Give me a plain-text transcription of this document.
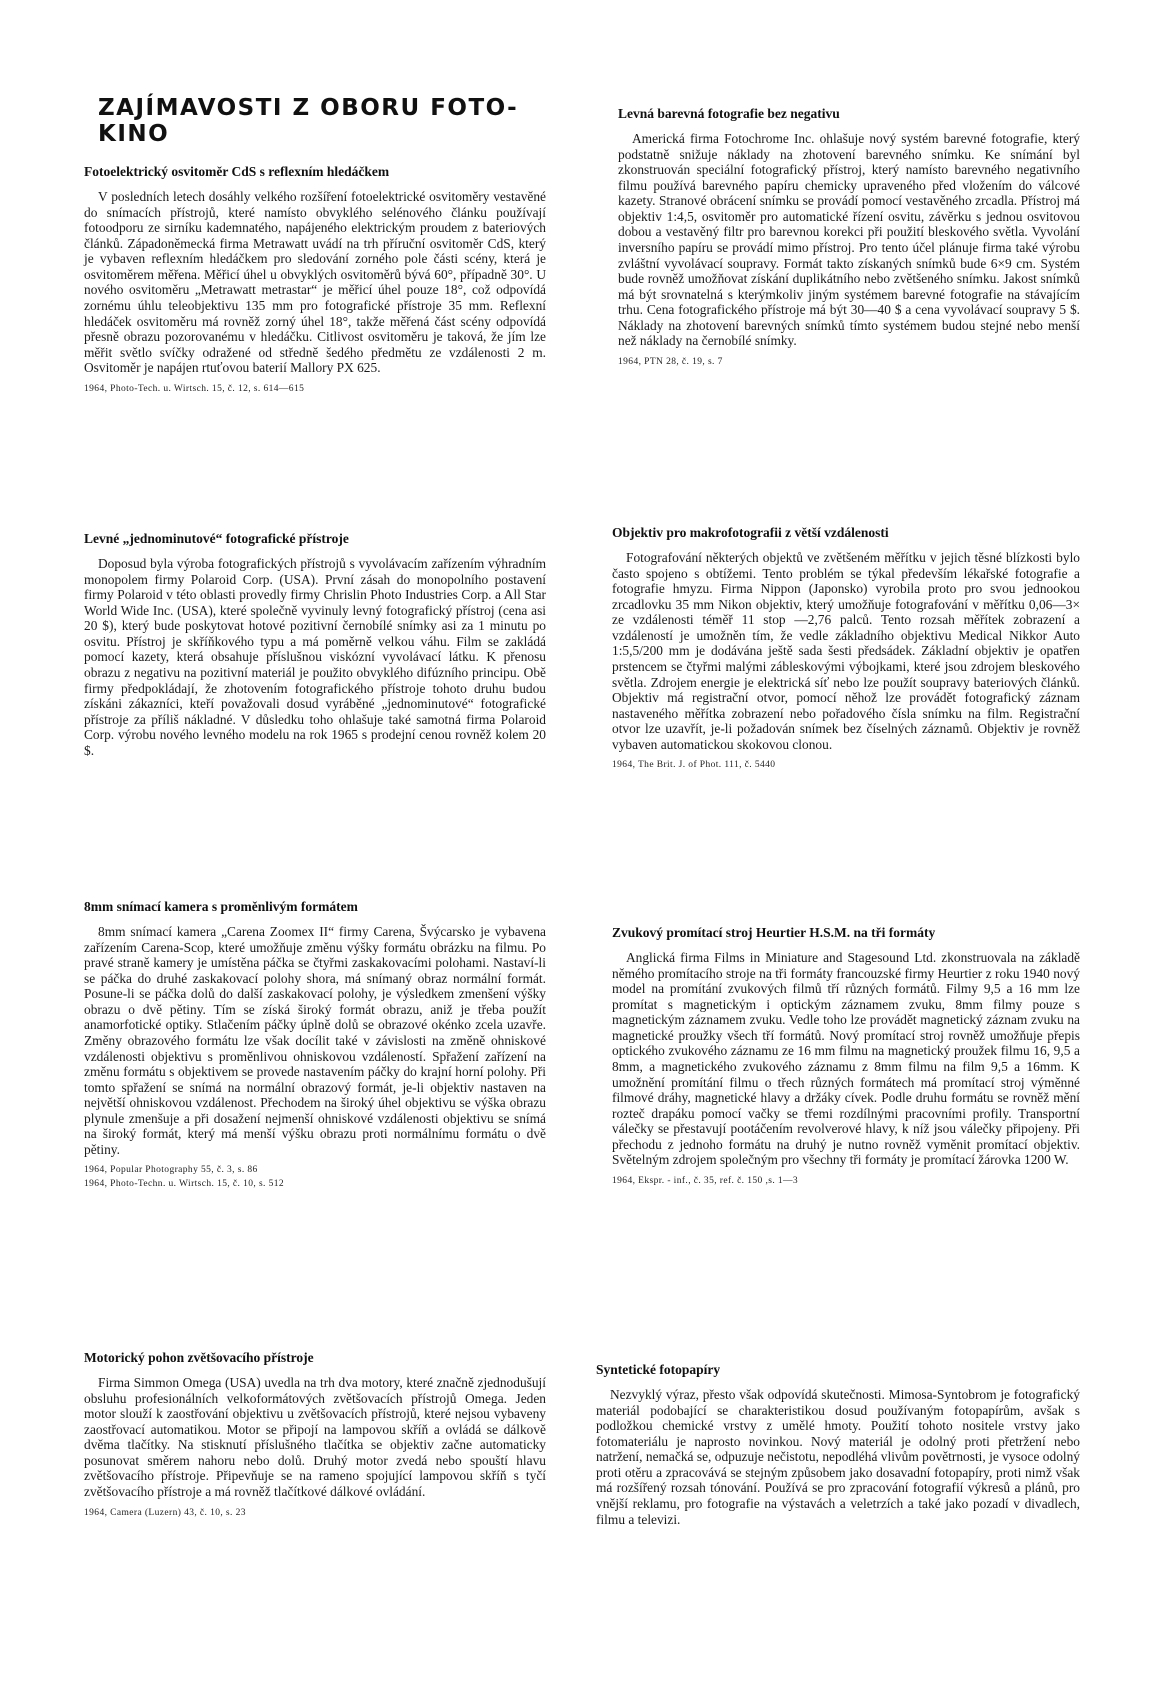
ZAJÍMAVOSTI Z OBORU FOTO-KINO
Fotoelektrický osvitoměr CdS s reflexním hledáčkem

V posledních letech dosáhly velkého rozšíření fotoelektrické osvitoměry vestavěné do snímacích přístrojů, které namísto obvyklého selénového článku používají fotoodporu ze sirníku kademnatého, napájeného elektrickým proudem z bateriových článků. Západoněmecká firma Metrawatt uvádí na trh příruční osvitoměr CdS, který je vybaven reflexním hledáčkem pro sledování zorného pole části scény, která je osvitoměrem měřena. Měřicí úhel u obvyklých osvitoměrů bývá 60°, případně 30°. U nového osvitoměru „Metrawatt metrastar“ je měřicí úhel pouze 18°, což odpovídá zornému úhlu teleobjektivu 135 mm pro fotografické přístroje 35 mm. Reflexní hledáček osvitoměru má rovněž zorný úhel 18°, takže měřená část scény odpovídá přesně obrazu pozorovanému v hledáčku. Citlivost osvitoměru je taková, že jím lze měřit světlo svíčky odražené od středně šedého předmětu ze vzdálenosti 2 m. Osvitoměr je napájen rtuťovou baterií Mallory PX 625.

1964, Photo-Tech. u. Wirtsch. 15, č. 12, s. 614—615

Levné „jednominutové“ fotografické přístroje

Doposud byla výroba fotografických přístrojů s vyvolávacím zařízením výhradním monopolem firmy Polaroid Corp. (USA). První zásah do monopolního postavení firmy Polaroid v této oblasti provedly firmy Chrislin Photo Industries Corp. a All Star World Wide Inc. (USA), které společně vyvinuly levný fotografický přístroj (cena asi 20 $), který bude poskytovat hotové pozitivní černobílé snímky asi za 1 minutu po osvitu. Přístroj je skříňkového typu a má poměrně velkou váhu. Film se zakládá pomocí kazety, která obsahuje příslušnou viskózní vyvolávací látku. K přenosu obrazu z negativu na pozitivní materiál je použito obvyklého difúzního principu. Obě firmy předpokládají, že zhotovením fotografického přístroje tohoto druhu budou získáni zákazníci, kteří považovali dosud vyráběné „jednominutové“ fotografické přístroje za příliš nákladné. V důsledku toho ohlašuje také samotná firma Polaroid Corp. výrobu nového levného modelu na rok 1965 s prodejní cenou rovněž kolem 20 $.

8mm snímací kamera s proměnlivým formátem

8mm snímací kamera „Carena Zoomex II“ firmy Carena, Švýcarsko je vybavena zařízením Carena-Scop, které umožňuje změnu výšky formátu obrázku na filmu. Po pravé straně kamery je umístěna páčka se čtyřmi zaskakovacími polohami. Nastaví-li se páčka do druhé zaskakovací polohy shora, má snímaný obraz normální formát. Posune-li se páčka dolů do další zaskakovací polohy, je výsledkem zmenšení výšky obrazu o dvě pětiny. Tím se získá široký formát obrazu, aniž je třeba použít anamorfotické optiky. Stlačením páčky úplně dolů se obrazové okénko zcela uzavře. Změny obrazového formátu lze však docílit také v závislosti na změně ohniskové vzdálenosti objektivu s proměnlivou ohniskovou vzdáleností. Spřažení zařízení na změnu formátu s objektivem se provede nastavením páčky do krajní horní polohy. Při tomto spřažení se snímá na normální obrazový formát, je-li objektiv nastaven na největší ohniskovou vzdálenost. Přechodem na široký úhel objektivu se výška obrazu plynule zmenšuje a při dosažení nejmenší ohniskové vzdálenosti objektivu se snímá na široký formát, který má menší výšku obrazu proti normálnímu formátu o dvě pětiny.

1964, Popular Photography 55, č. 3, s. 86

1964, Photo-Techn. u. Wirtsch. 15, č. 10, s. 512

Motorický pohon zvětšovacího přístroje

Firma Simmon Omega (USA) uvedla na trh dva motory, které značně zjednodušují obsluhu profesionálních velkoformátových zvětšovacích přístrojů Omega. Jeden motor slouží k zaostřování objektivu u zvětšovacích přístrojů, které nejsou vybaveny zaostřovací automatikou. Motor se připojí na lampovou skříň a ovládá se dálkově dvěma tlačítky. Na stisknutí příslušného tlačítka se objektiv začne automaticky posunovat směrem nahoru nebo dolů. Druhý motor zvedá nebo spouští hlavu zvětšovacího přístroje. Připevňuje se na rameno spojující lampovou skříň s tyčí zvětšovacího přístroje a má rovněž tlačítkové dálkové ovládání.

1964, Camera (Luzern) 43, č. 10, s. 23

Levná barevná fotografie bez negativu

Americká firma Fotochrome Inc. ohlašuje nový systém barevné fotografie, který podstatně snižuje náklady na zhotovení barevného snímku. Ke snímání byl zkonstruován speciální fotografický přístroj, který namísto barevného negativního filmu používá barevného papíru chemicky upraveného před vložením do válcové kazety. Stranové obrácení snímku se provádí pomocí vestavěného zrcadla. Přístroj má objektiv 1:4,5, osvitoměr pro automatické řízení osvitu, závěrku s jednou osvitovou dobou a vestavěný filtr pro barevnou korekci při použití bleskového světla. Vyvolání inversního papíru se provádí mimo přístroj. Pro tento účel plánuje firma také výrobu zvláštní vyvolávací soupravy. Formát takto získaných snímků bude 6×9 cm. Systém bude rovněž umožňovat získání duplikátního nebo zvětšeného snímku. Jakost snímků má být srovnatelná s kterýmkoliv jiným systémem barevné fotografie na stávajícím trhu. Cena fotografického přístroje má být 30—40 $ a cena vyvolávací soupravy 5 $. Náklady na zhotovení barevných snímků tímto systémem budou stejné nebo menší než náklady na černobílé snímky.

1964, PTN 28, č. 19, s. 7

Objektiv pro makrofotografii z větší vzdálenosti

Fotografování některých objektů ve zvětšeném měřítku v jejich těsné blízkosti bylo často spojeno s obtížemi. Tento problém se týkal především lékařské fotografie a fotografie hmyzu. Firma Nippon (Japonsko) vyrobila proto pro svou jednookou zrcadlovku 35 mm Nikon objektiv, který umožňuje fotografování v měřítku 0,06—3× ze vzdálenosti téměř 11 stop —2,76 palců. Tento rozsah měřítek zobrazení a vzdáleností je umožněn tím, že vedle základního objektivu Medical Nikkor Auto 1:5,5/200 mm je dodávána ještě sada šesti předsádek. Základní objektiv je opatřen prstencem se čtyřmi malými zábleskovými výbojkami, které jsou zdrojem bleskového světla. Zdrojem energie je elektrická síť nebo lze použít soupravy bateriových článků. Objektiv má registrační otvor, pomocí něhož lze provádět fotografický záznam nastaveného měřítka zobrazení nebo pořadového čísla snímku na film. Registrační otvor lze uzavřít, je-li požadován snímek bez číselných záznamů. Objektiv je rovněž vybaven automatickou skokovou clonou.

1964, The Brit. J. of Phot. 111, č. 5440

Zvukový promítací stroj Heurtier H.S.M. na tři formáty

Anglická firma Films in Miniature and Stagesound Ltd. zkonstruovala na základě němého promítacího stroje na tři formáty francouzské firmy Heurtier z roku 1940 nový model na promítání zvukových filmů tří různých formátů. Filmy 9,5 a 16 mm lze promítat s magnetickým i optickým záznamem zvuku, 8mm filmy pouze s magnetickým záznamem zvuku. Vedle toho lze provádět magnetický záznam zvuku na magnetické proužky všech tří formátů. Nový promítací stroj rovněž umožňuje přepis optického zvukového záznamu ze 16 mm filmu na magnetický proužek filmu 16, 9,5 a 8mm, a magnetického zvukového záznamu z 8mm filmu na film 9,5 a 16mm. K umožnění promítání filmu o třech různých formátech má promítací stroj výměnné filmové dráhy, magnetické hlavy a držáky cívek. Podle druhu formátu se rovněž mění rozteč drapáku pomocí vačky se třemi rozdílnými pracovními profily. Transportní válečky se přestavují pootáčením revolverové hlavy, k níž jsou válečky připojeny. Při přechodu z jednoho formátu na druhý je nutno rovněž vyměnit promítací objektiv. Světelným zdrojem společným pro všechny tři formáty je promítací žárovka 1200 W.

1964, Ekspr. - inf., č. 35, ref. č. 150 ,s. 1—3

Syntetické fotopapíry

Nezvyklý výraz, přesto však odpovídá skutečnosti. Mimosa-Syntobrom je fotografický materiál podobající se charakteristikou dosud používaným fotopapírům, avšak s podložkou chemické vrstvy z umělé hmoty. Použití tohoto nositele vrstvy jako fotomateriálu je naprosto novinkou. Nový materiál je odolný proti přetržení nebo natržení, nemačká se, odpuzuje nečistotu, nepodléhá vlivům povětrnosti, je vysoce odolný proti otěru a zpracovává se stejným způsobem jako dosavadní fotopapíry, proti nimž však má rozšířený rozsah tónování. Používá se pro zpracování fotografií výkresů a plánů, pro vnější reklamu, pro fotografie na výstavách a veletrzích a také jako pozadí v divadlech, filmu a televizi.
